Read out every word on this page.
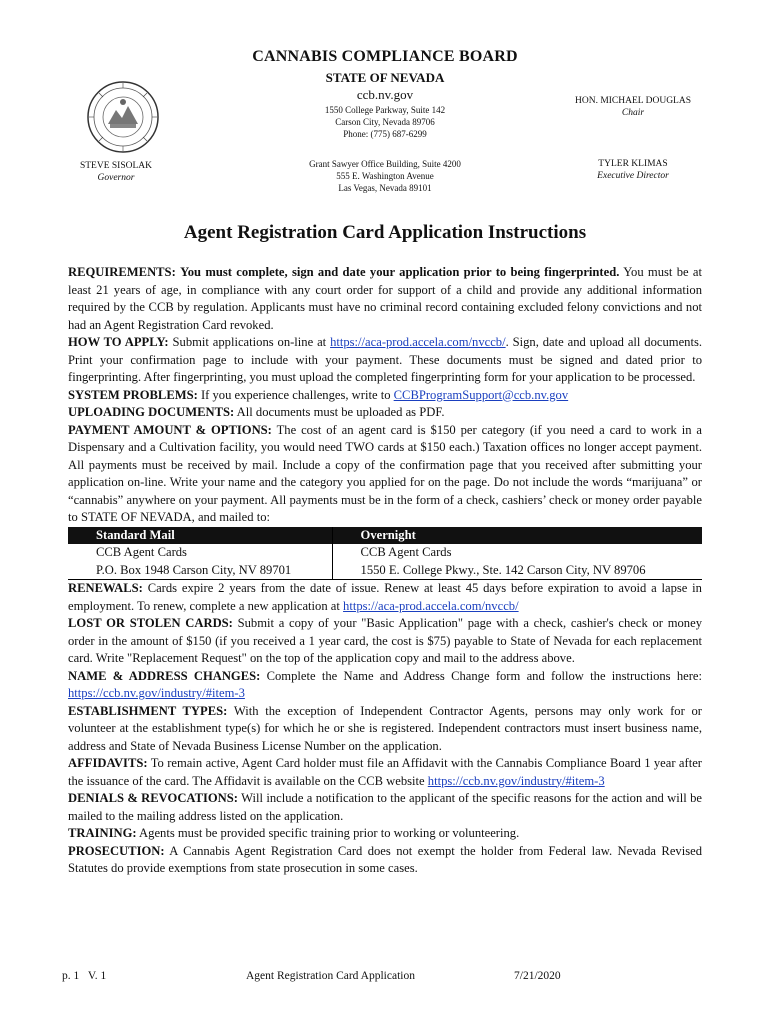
CANNABIS COMPLIANCE BOARD
STATE OF NEVADA
ccb.nv.gov
1550 College Parkway, Suite 142
Carson City, Nevada 89706
Phone: (775) 687-6299
Grant Sawyer Office Building, Suite 4200
555 E. Washington Avenue
Las Vegas, Nevada 89101
STEVE SISOLAK
Governor
HON. MICHAEL DOUGLAS
Chair
TYLER KLIMAS
Executive Director
Agent Registration Card Application Instructions

REQUIREMENTS: You must complete, sign and date your application prior to being fingerprinted. You must be at least 21 years of age, in compliance with any court order for support of a child and provide any additional information required by the CCB by regulation. Applicants must have no criminal record containing excluded felony convictions and not had an Agent Registration Card revoked.

HOW TO APPLY: Submit applications on-line at https://aca-prod.accela.com/nvccb/. Sign, date and upload all documents. Print your confirmation page to include with your payment. These documents must be signed and dated prior to fingerprinting. After fingerprinting, you must upload the completed fingerprinting form for your application to be processed.

SYSTEM PROBLEMS: If you experience challenges, write to CCBProgramSupport@ccb.nv.gov

UPLOADING DOCUMENTS: All documents must be uploaded as PDF.

PAYMENT AMOUNT & OPTIONS: The cost of an agent card is $150 per category (if you need a card to work in a Dispensary and a Cultivation facility, you would need TWO cards at $150 each.) Taxation offices no longer accept payment. All payments must be received by mail. Include a copy of the confirmation page that you received after submitting your application on-line. Write your name and the category you applied for on the page. Do not include the words “marijuana” or “cannabis” anywhere on your payment. All payments must be in the form of a check, cashiers’ check or money order payable to STATE OF NEVADA, and mailed to:

Standard Mail	Overnight
CCB Agent Cards	CCB Agent Cards
P.O. Box 1948 Carson City, NV 89701	1550 E. College Pkwy., Ste. 142 Carson City, NV 89706

RENEWALS: Cards expire 2 years from the date of issue. Renew at least 45 days before expiration to avoid a lapse in employment. To renew, complete a new application at https://aca-prod.accela.com/nvccb/

LOST OR STOLEN CARDS: Submit a copy of your "Basic Application" page with a check, cashier's check or money order in the amount of $150 (if you received a 1 year card, the cost is $75) payable to State of Nevada for each replacement card. Write "Replacement Request" on the top of the application copy and mail to the address above.

NAME & ADDRESS CHANGES: Complete the Name and Address Change form and follow the instructions here: https://ccb.nv.gov/industry/#item-3

ESTABLISHMENT TYPES: With the exception of Independent Contractor Agents, persons may only work for or volunteer at the establishment type(s) for which he or she is registered. Independent contractors must insert business name, address and State of Nevada Business License Number on the application.

AFFIDAVITS: To remain active, Agent Card holder must file an Affidavit with the Cannabis Compliance Board 1 year after the issuance of the card. The Affidavit is available on the CCB website https://ccb.nv.gov/industry/#item-3

DENIALS & REVOCATIONS: Will include a notification to the applicant of the specific reasons for the action and will be mailed to the mailing address listed on the application.

TRAINING: Agents must be provided specific training prior to working or volunteering.

PROSECUTION: A Cannabis Agent Registration Card does not exempt the holder from Federal law. Nevada Revised Statutes do provide exemptions from state prosecution in some cases.

p. 1 V. 1	Agent Registration Card Application	7/21/2020
